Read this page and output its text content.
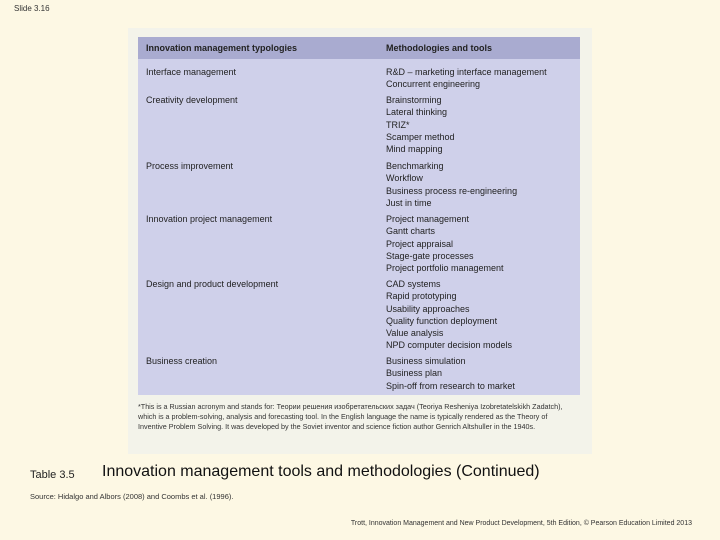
Slide 3.16
Innovation management typologies	Methodologies and tools
Interface management	R&D – marketing interface management
Concurrent engineering
Creativity development	Brainstorming
Lateral thinking
TRIZ*
Scamper method
Mind mapping
Process improvement	Benchmarking
Workflow
Business process re-engineering
Just in time
Innovation project management	Project management
Gantt charts
Project appraisal
Stage-gate processes
Project portfolio management
Design and product development	CAD systems
Rapid prototyping
Usability approaches
Quality function deployment
Value analysis
NPD computer decision models
Business creation	Business simulation
Business plan
Spin-off from research to market
*This is a Russian acronym and stands for: Теории решения изобретательских задач (Teoriya Resheniya Izobretatelskikh Zadatch), which is a problem-solving, analysis and forecasting tool. In the English language the name is typically rendered as the Theory of Inventive Problem Solving. It was developed by the Soviet inventor and science fiction author Genrich Altshuller in the 1940s.
Table 3.5 Innovation management tools and methodologies (Continued)
Source: Hidalgo and Albors (2008) and Coombs et al. (1996).
Trott, Innovation Management and New Product Development, 5th Edition, © Pearson Education Limited 2013
